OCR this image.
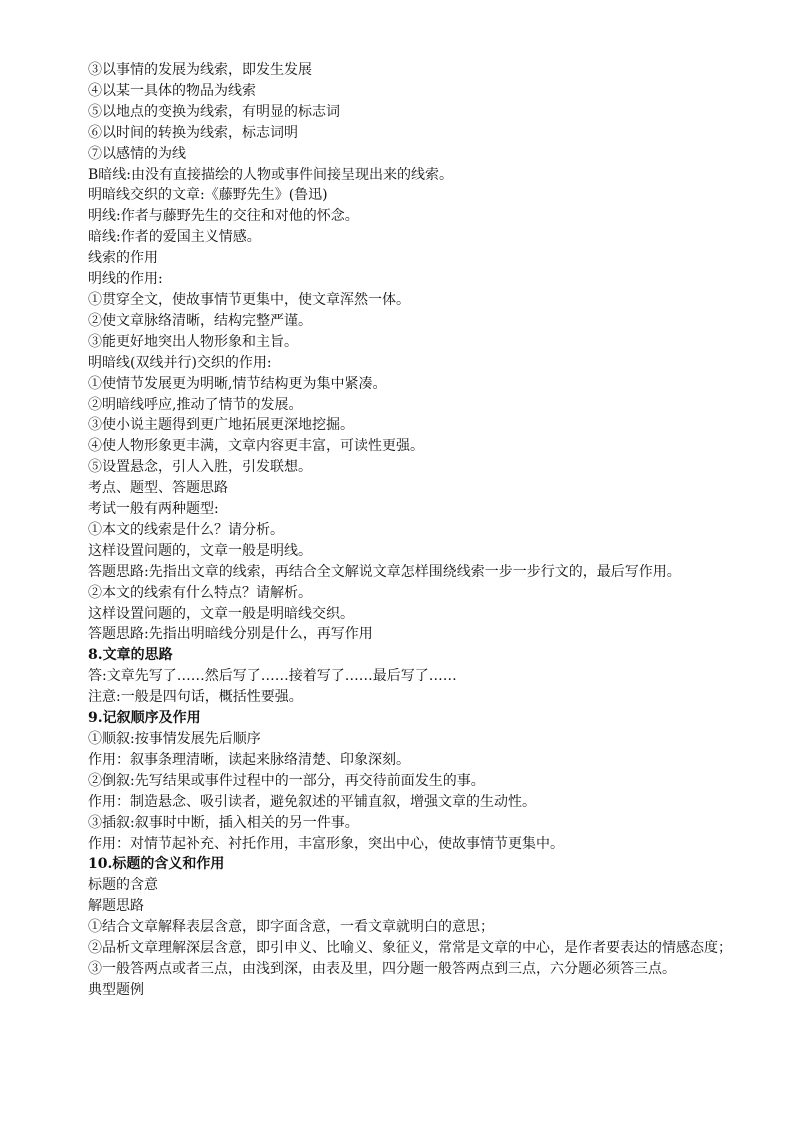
③以事情的发展为线索，即发生发展

④以某一具体的物品为线索

⑤以地点的变换为线索，有明显的标志词

⑥以时间的转换为线索，标志词明

⑦以感情的为线

B暗线:由没有直接描绘的人物或事件间接呈现出来的线索。

明暗线交织的文章:《藤野先生》(鲁迅)

明线:作者与藤野先生的交往和对他的怀念。

暗线:作者的爱国主义情感。

线索的作用

明线的作用:

①贯穿全文，使故事情节更集中，使文章浑然一体。

②使文章脉络清晰，结构完整严谨。

③能更好地突出人物形象和主旨。

明暗线(双线并行)交织的作用:

①使情节发展更为明晰,情节结构更为集中紧凑。

②明暗线呼应,推动了情节的发展。

③使小说主题得到更广地拓展更深地挖掘。

④使人物形象更丰满，文章内容更丰富，可读性更强。

⑤设置悬念，引人入胜，引发联想。

考点、题型、答题思路

考试一般有两种题型:

①本文的线索是什么？请分析。

这样设置问题的，文章一般是明线。

答题思路:先指出文章的线索，再结合全文解说文章怎样围绕线索一步一步行文的，最后写作用。

②本文的线索有什么特点？请解析。

这样设置问题的，文章一般是明暗线交织。

答题思路:先指出明暗线分别是什么，再写作用

8.文章的思路

答:文章先写了……然后写了……接着写了……最后写了……

注意:一般是四句话，概括性要强。

9.记叙顺序及作用

①顺叙:按事情发展先后顺序

作用：叙事条理清晰，读起来脉络清楚、印象深刻。

②倒叙:先写结果或事件过程中的一部分，再交待前面发生的事。

作用：制造悬念、吸引读者，避免叙述的平铺直叙，增强文章的生动性。

③插叙:叙事时中断，插入相关的另一件事。

作用：对情节起补充、衬托作用，丰富形象，突出中心，使故事情节更集中。

10.标题的含义和作用

标题的含意

解题思路

①结合文章解释表层含意，即字面含意，一看文章就明白的意思；

②品析文章理解深层含意，即引申义、比喻义、象征义，常常是文章的中心，是作者要表达的情感态度；

③一般答两点或者三点，由浅到深，由表及里，四分题一般答两点到三点，六分题必须答三点。

典型题例
